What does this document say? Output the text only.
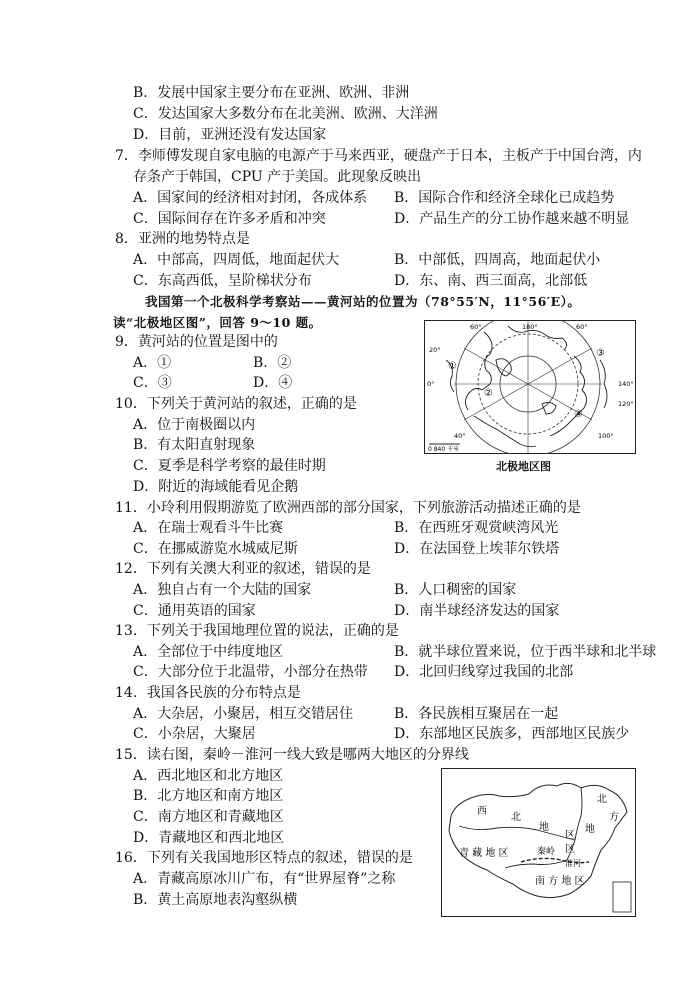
B．发展中国家主要分布在亚洲、欧洲、非洲
C．发达国家大多数分布在北美洲、欧洲、大洋洲
D．目前，亚洲还没有发达国家
7．李师傅发现自家电脑的电源产于马来西亚，硬盘产于日本，主板产于中国台湾，内
存条产于韩国，CPU 产于美国。此现象反映出
A．国家间的经济相对封闭，各成体系 B．国际合作和经济全球化已成趋势
C．国际间存在许多矛盾和冲突	D．产品生产的分工协作越来越不明显
8．亚洲的地势特点是
A．中部高，四周低，地面起伏大	B．中部低，四周高，地面起伏小
C．东高西低，呈阶梯状分布	D．东、南、西三面高，北部低
我国第一个北极科学考察站——黄河站的位置为（78°55′N，11°56′E）。
读“北极地区图”，回答 9～10 题。
9．黄河站的位置是图中的
A．①	B．②
C．③	D．④
10．下列关于黄河站的叙述，正确的是
A．位于南极圈以内
B．有太阳直射现象
C．夏季是科学考察的最佳时期
D．附近的海域能看见企鹅
11．小玲利用假期游览了欧洲西部的部分国家，下列旅游活动描述正确的是
A．在瑞士观看斗牛比赛	B．在西班牙观赏峡湾风光
C．在挪威游览水城威尼斯	D．在法国登上埃菲尔铁塔
12．下列有关澳大利亚的叙述，错误的是
A．独自占有一个大陆的国家	B．人口稠密的国家
C．通用英语的国家	D．南半球经济发达的国家
13．下列关于我国地理位置的说法，正确的是
A．全部位于中纬度地区	B．就半球位置来说，位于西半球和北半球
C．大部分位于北温带，小部分在热带 D．北回归线穿过我国的北部
14．我国各民族的分布特点是
A．大杂居，小聚居，相互交错居住	B．各民族相互聚居在一起
C．小杂居，大聚居	D．东部地区民族多，西部地区民族少
15．读右图，秦岭－淮河一线大致是哪两大地区的分界线
A．西北地区和北方地区
B．北方地区和南方地区
C．南方地区和青藏地区
D．青藏地区和西北地区
16．下列有关我国地形区特点的叙述，错误的是
A．青藏高原冰川广布，有“世界屋脊”之称
B．黄土高原地表沟壑纵横
60°	180°	60°
20°
0°	140°
40°
120°
100°
①
②
③
④
0 840 千米
北极地区图
西
北
地
区
北
方
地
区
青 藏 地 区	秦岭
淮河
南 方 地 区
